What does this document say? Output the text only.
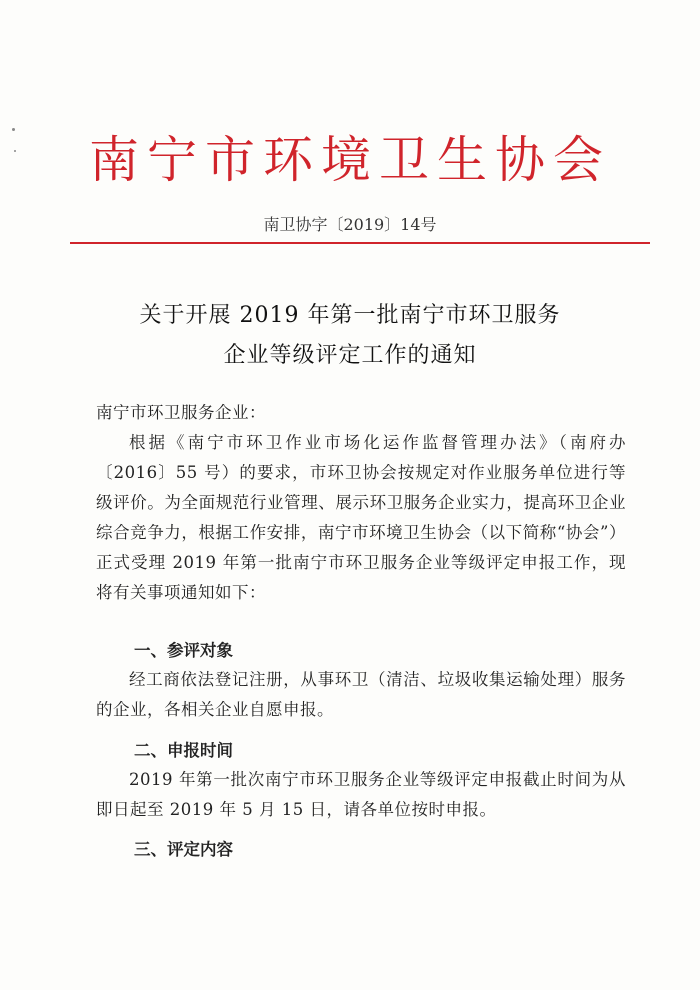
南宁市环境卫生协会
南卫协字〔2019〕14号
关于开展 2019 年第一批南宁市环卫服务
企业等级评定工作的通知
南宁市环卫服务企业：

根据《南宁市环卫作业市场化运作监督管理办法》（南府办〔2016〕55 号）的要求，市环卫协会按规定对作业服务单位进行等级评价。为全面规范行业管理、展示环卫服务企业实力，提高环卫企业综合竞争力，根据工作安排，南宁市环境卫生协会（以下简称“协会”）正式受理 2019 年第一批南宁市环卫服务企业等级评定申报工作，现将有关事项通知如下：

一、参评对象

经工商依法登记注册，从事环卫（清洁、垃圾收集运输处理）服务的企业，各相关企业自愿申报。

二、申报时间

2019 年第一批次南宁市环卫服务企业等级评定申报截止时间为从即日起至 2019 年 5 月 15 日，请各单位按时申报。

三、评定内容
